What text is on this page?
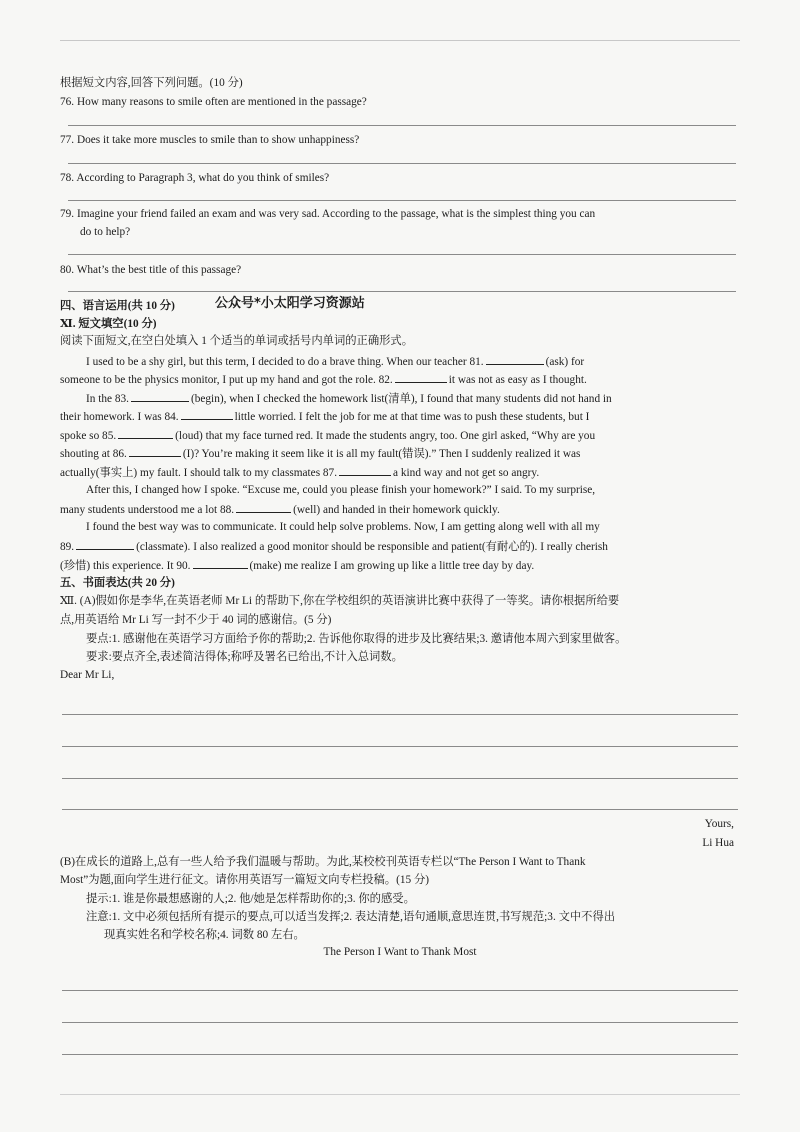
根据短文内容,回答下列问题。(10 分)
76. How many reasons to smile often are mentioned in the passage?
77. Does it take more muscles to smile than to show unhappiness?
78. According to Paragraph 3, what do you think of smiles?
79. Imagine your friend failed an exam and was very sad. According to the passage, what is the simplest thing you can
do to help?
80. What’s the best title of this passage?
四、语言运用(共 10 分)	公众号*小太阳学习资源站
Ⅺ. 短文填空(10 分)
阅读下面短文,在空白处填入 1 个适当的单词或括号内单词的正确形式。
I used to be a shy girl, but this term, I decided to do a brave thing. When our teacher 81.	(ask) for
someone to be the physics monitor, I put up my hand and got the role. 82.	it was not as easy as I thought.
In the 83.	(begin), when I checked the homework list(清单), I found that many students did not hand in
their homework. I was 84.	little worried. I felt the job for me at that time was to push these students, but I
spoke so 85.	(loud) that my face turned red. It made the students angry, too. One girl asked, “Why are you
shouting at 86.	(I)? You’re making it seem like it is all my fault(错误).” Then I suddenly realized it was
actually(事实上) my fault. I should talk to my classmates 87.	a kind way and not get so angry.
After this, I changed how I spoke. “Excuse me, could you please finish your homework?” I said. To my surprise,
many students understood me a lot 88.	(well) and handed in their homework quickly.
I found the best way was to communicate. It could help solve problems. Now, I am getting along well with all my
89.	(classmate). I also realized a good monitor should be responsible and patient(有耐心的). I really cherish
(珍惜) this experience. It 90.	(make) me realize I am growing up like a little tree day by day.
五、书面表达(共 20 分)
Ⅻ. (A)假如你是李华,在英语老师 Mr Li 的帮助下,你在学校组织的英语演讲比赛中获得了一等奖。请你根据所给要
点,用英语给 Mr Li 写一封不少于 40 词的感谢信。(5 分)
要点:1. 感谢他在英语学习方面给予你的帮助;2. 告诉他你取得的进步及比赛结果;3. 邀请他本周六到家里做客。
要求:要点齐全,表述简洁得体;称呼及署名已给出,不计入总词数。
Dear Mr Li,
Yours,
Li Hua
(B)在成长的道路上,总有一些人给予我们温暖与帮助。为此,某校校刊英语专栏以“The Person I Want to Thank
Most”为题,面向学生进行征文。请你用英语写一篇短文向专栏投稿。(15 分)
提示:1. 谁是你最想感谢的人;2. 他/她是怎样帮助你的;3. 你的感受。
注意:1. 文中必须包括所有提示的要点,可以适当发挥;2. 表达清楚,语句通顺,意思连贯,书写规范;3. 文中不得出
现真实姓名和学校名称;4. 词数 80 左右。
The Person I Want to Thank Most
